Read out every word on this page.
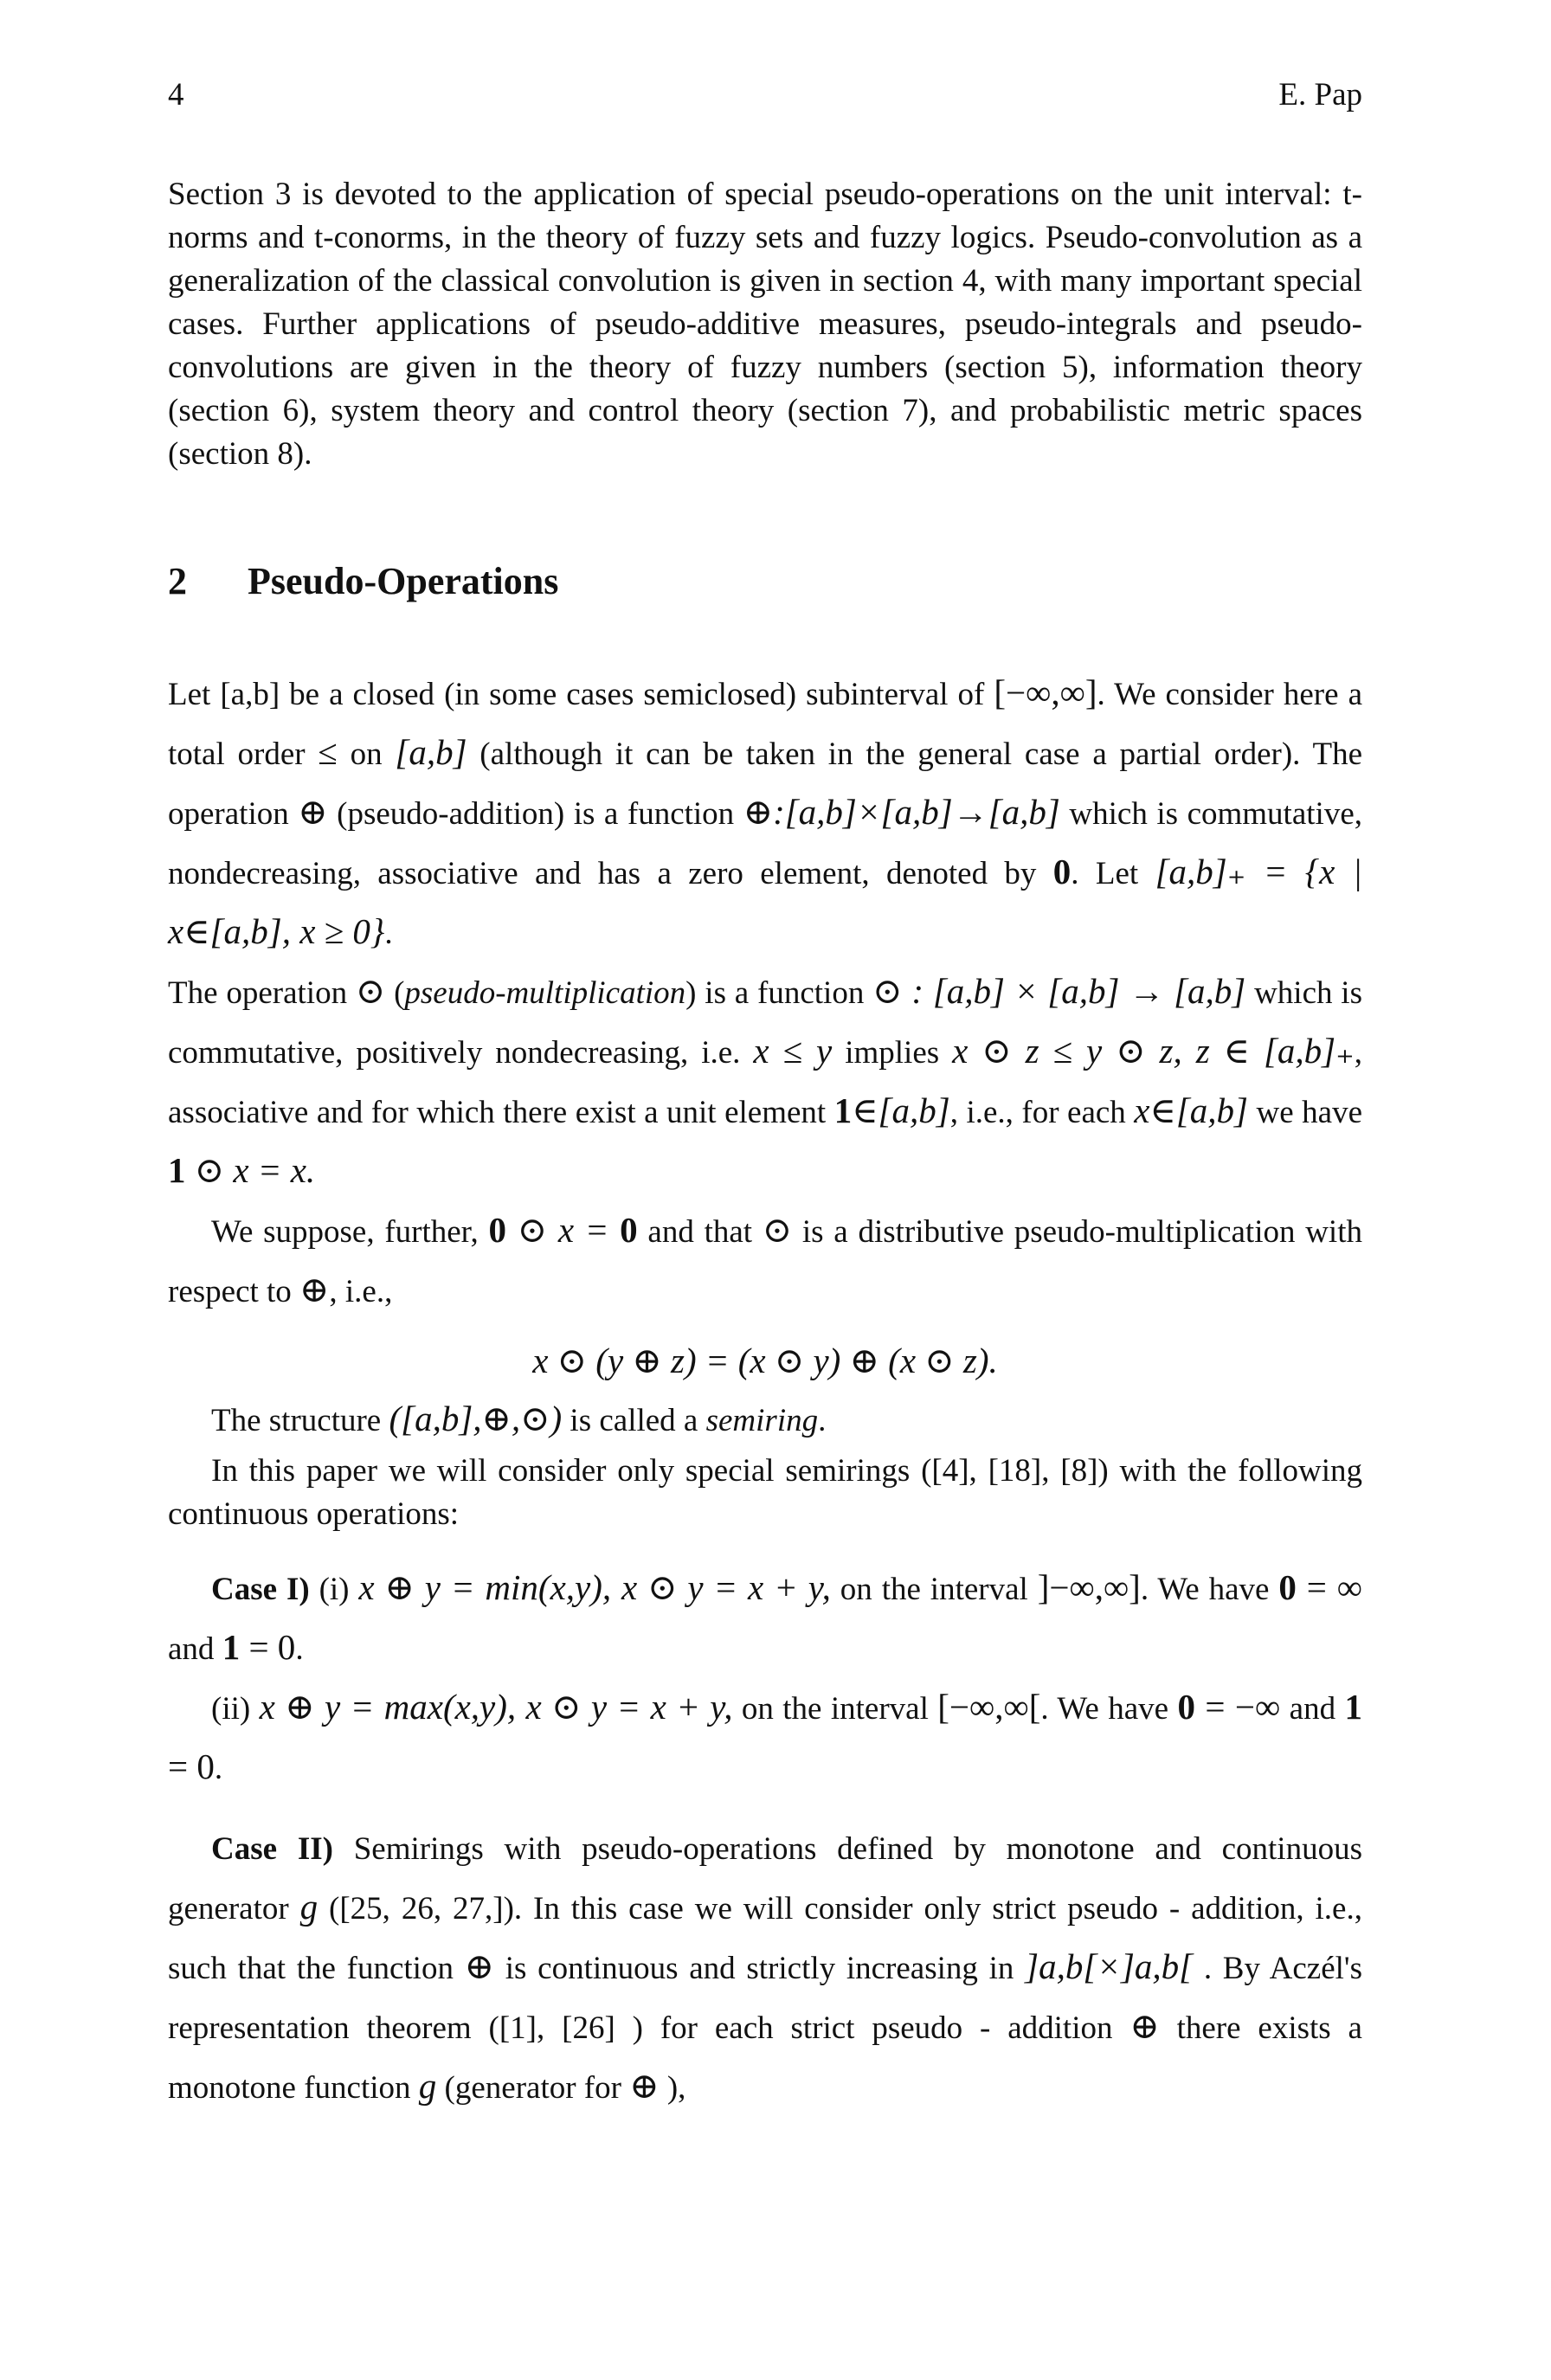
4	E. Pap

Section 3 is devoted to the application of special pseudo-operations on the unit interval: t-norms and t-conorms, in the theory of fuzzy sets and fuzzy logics. Pseudo-convolution as a generalization of the classical convolution is given in section 4, with many important special cases. Further applications of pseudo-additive measures, pseudo-integrals and pseudo-convolutions are given in the theory of fuzzy numbers (section 5), information theory (section 6), system theory and control theory (section 7), and probabilistic metric spaces (section 8).

2 Pseudo-Operations

Let [a,b] be a closed (in some cases semiclosed) subinterval of [−∞,∞]. We consider here a total order ≤ on [a,b] (although it can be taken in the general case a partial order). The operation ⊕ (pseudo-addition) is a function ⊕:[a,b]×[a,b]→[a,b] which is commutative, nondecreasing, associative and has a zero element, denoted by 0. Let [a,b]₊ = {x | x∈[a,b], x ≥ 0}.

The operation ⊙ (pseudo-multiplication) is a function ⊙ : [a,b] × [a,b] → [a,b] which is commutative, positively nondecreasing, i.e. x ≤ y implies x ⊙ z ≤ y ⊙ z, z ∈ [a,b]₊, associative and for which there exist a unit element 1∈[a,b], i.e., for each x∈[a,b] we have 1 ⊙ x = x.

We suppose, further, 0 ⊙ x = 0 and that ⊙ is a distributive pseudo-multiplication with respect to ⊕, i.e.,

x ⊙ (y ⊕ z) = (x ⊙ y) ⊕ (x ⊙ z).

The structure ([a,b],⊕,⊙) is called a semiring.

In this paper we will consider only special semirings ([4], [18], [8]) with the following continuous operations:

Case I) (i) x ⊕ y = min(x,y), x ⊙ y = x + y, on the interval ]−∞,∞]. We have 0 = ∞ and 1 = 0.

(ii) x ⊕ y = max(x,y), x ⊙ y = x + y, on the interval [−∞,∞[. We have 0 = −∞ and 1 = 0.

Case II) Semirings with pseudo-operations defined by monotone and continuous generator g ([25, 26, 27,]). In this case we will consider only strict pseudo - addition, i.e., such that the function ⊕ is continuous and strictly increasing in ]a,b[×]a,b[ . By Aczél's representation theorem ([1], [26] ) for each strict pseudo - addition ⊕ there exists a monotone function g (generator for ⊕ ),
